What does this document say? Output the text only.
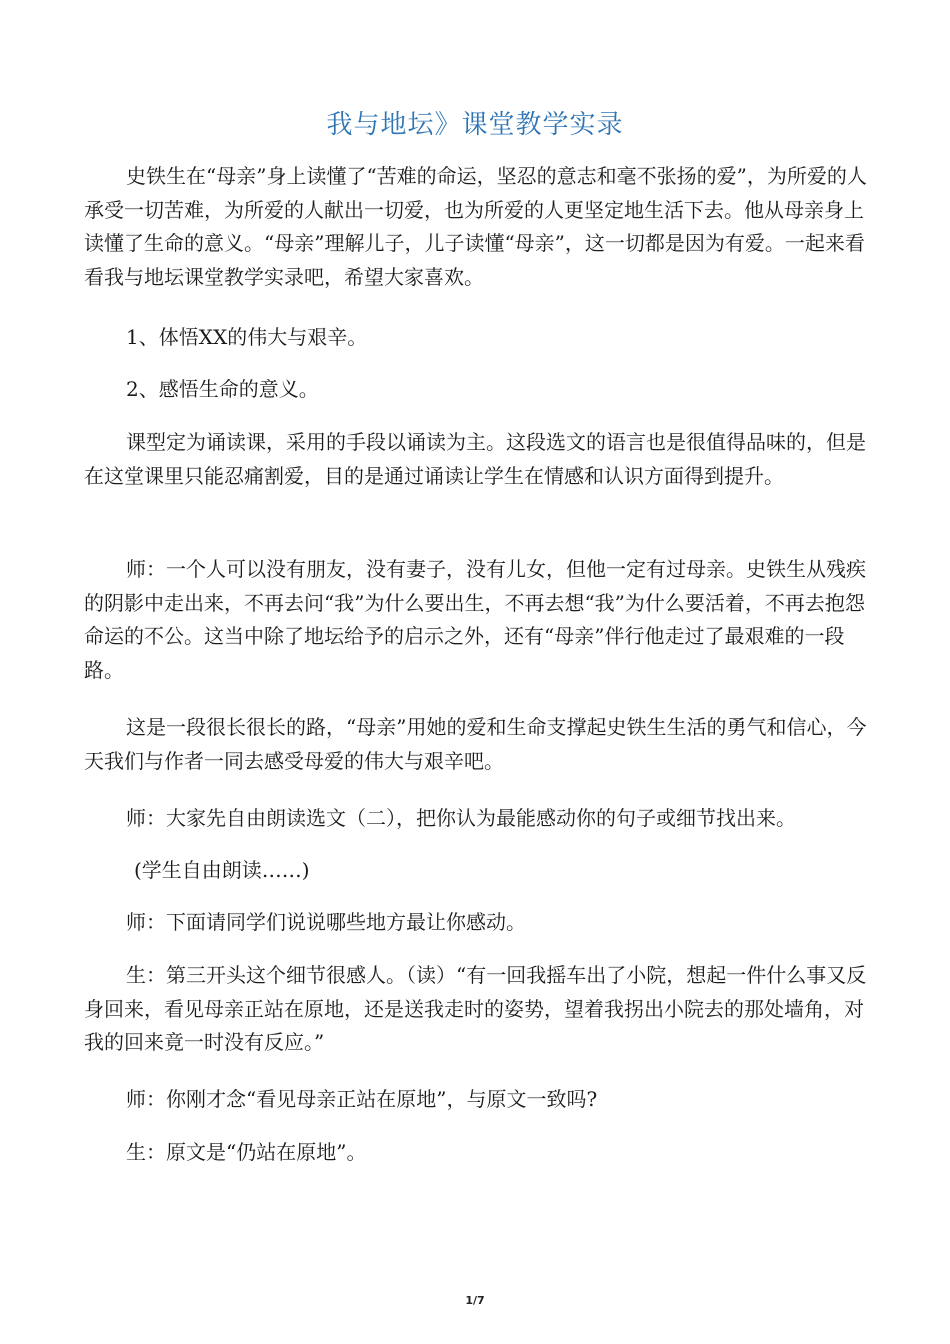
我与地坛》课堂教学实录

史铁生在“母亲”身上读懂了“苦难的命运，坚忍的意志和毫不张扬的爱”，为所爱的人承受一切苦难，为所爱的人献出一切爱，也为所爱的人更坚定地生活下去。他从母亲身上读懂了生命的意义。“母亲”理解儿子，儿子读懂“母亲”，这一切都是因为有爱。一起来看看我与地坛课堂教学实录吧，希望大家喜欢。

1、体悟XX的伟大与艰辛。

2、感悟生命的意义。

课型定为诵读课，采用的手段以诵读为主。这段选文的语言也是很值得品味的，但是在这堂课里只能忍痛割爱，目的是通过诵读让学生在情感和认识方面得到提升。

师：一个人可以没有朋友，没有妻子，没有儿女，但他一定有过母亲。史铁生从残疾的阴影中走出来，不再去问“我”为什么要出生，不再去想“我”为什么要活着，不再去抱怨命运的不公。这当中除了地坛给予的启示之外，还有“母亲”伴行他走过了最艰难的一段路。

这是一段很长很长的路，“母亲”用她的爱和生命支撑起史铁生生活的勇气和信心，今天我们与作者一同去感受母爱的伟大与艰辛吧。

师：大家先自由朗读选文（二），把你认为最能感动你的句子或细节找出来。

(学生自由朗读……)

师：下面请同学们说说哪些地方最让你感动。

生：第三开头这个细节很感人。（读）“有一回我摇车出了小院，想起一件什么事又反身回来，看见母亲正站在原地，还是送我走时的姿势，望着我拐出小院去的那处墙角，对我的回来竟一时没有反应。”

师：你刚才念“看见母亲正站在原地”，与原文一致吗?

生：原文是“仍站在原地”。

1/7
